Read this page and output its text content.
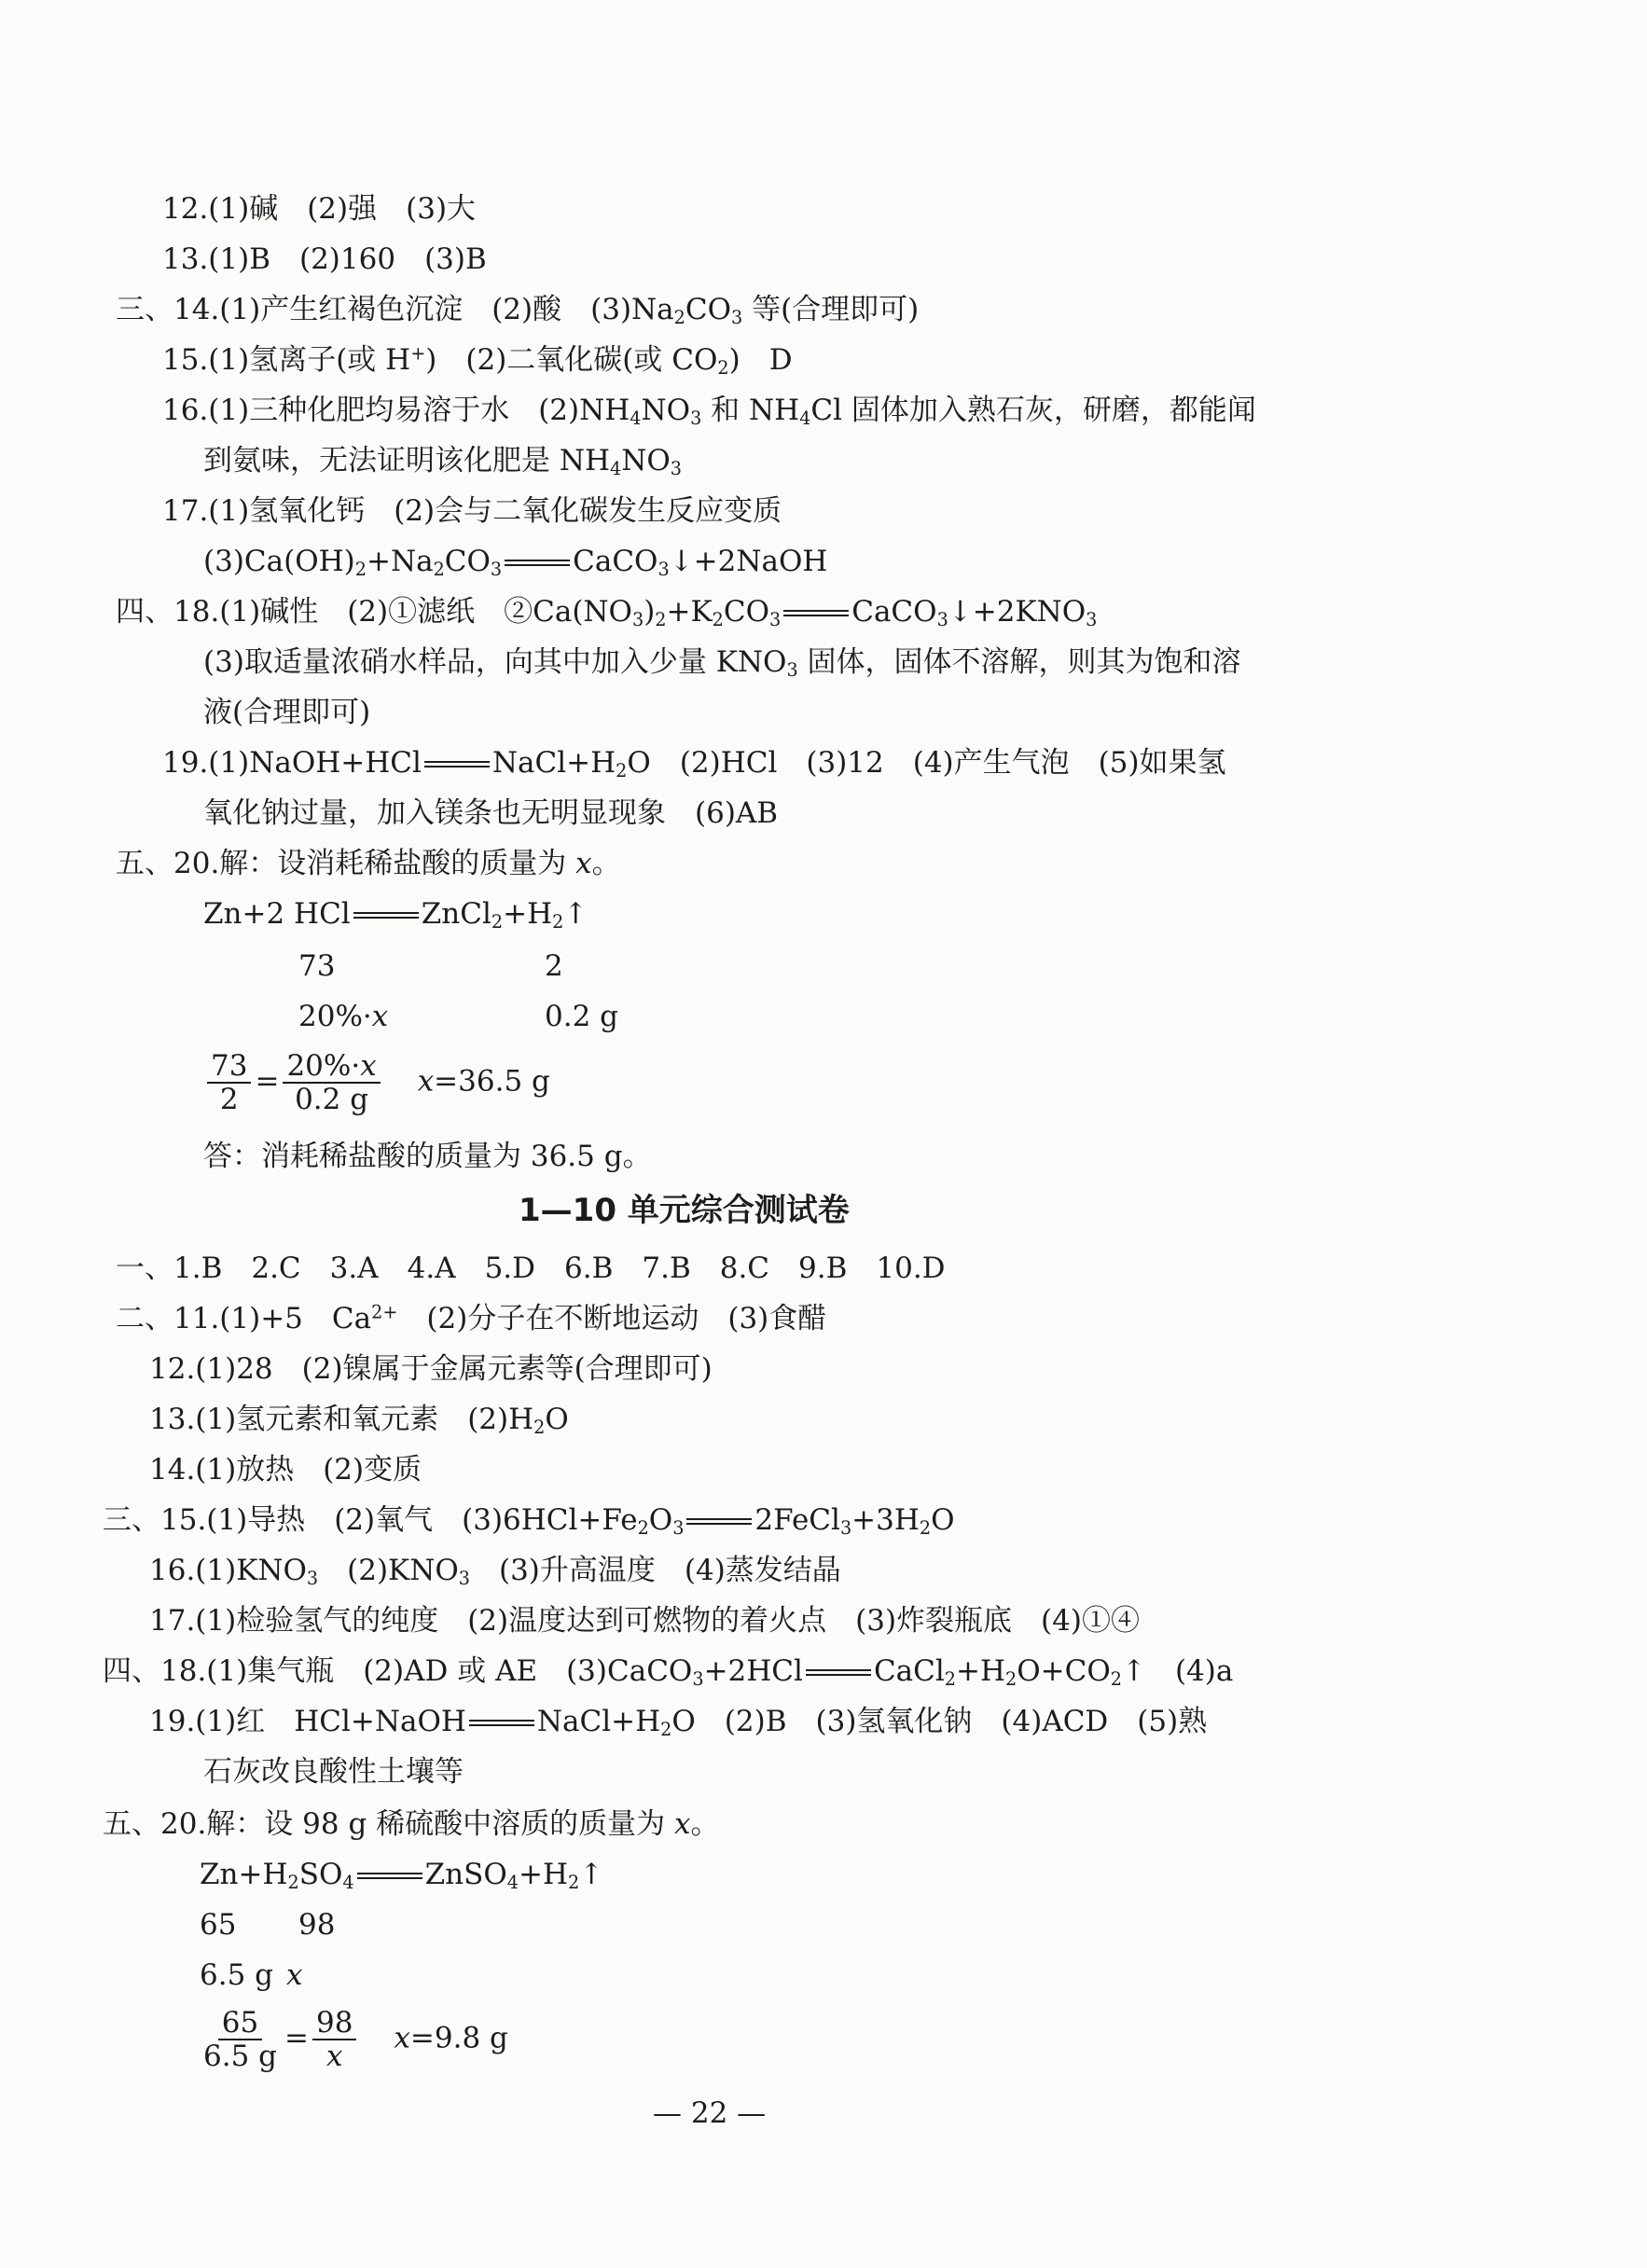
12.(1)碱　(2)强　(3)大
13.(1)B　(2)160　(3)B
三、14.(1)产生红褐色沉淀　(2)酸　$(3)Na_2CO_3$ 等(合理即可)
15.(1)氢离子(或 H+)　(2)二氧化碳(或 $CO_2$)　D
16.(1)三种化肥均易溶于水　$(2)NH_4NO_3$ 和 $NH_4Cl$ 固体加入熟石灰，研磨，都能闻
到氨味，无法证明该化肥是 $NH_4NO_3$
17.(1)氢氧化钙　(2)会与二氧化碳发生反应变质
$(3)Ca(OH)_2+Na_2CO_3$ CaCO$_3$↓+2NaOH
四、18.(1)碱性　(2)①滤纸　$②Ca(NO_3)_2+K_2CO_3$ $CaCO_3↓+2KNO_3$
(3)取适量浓硝水样品，向其中加入少量 $KNO_3$ 固体，固体不溶解，则其为饱和溶
液(合理即可)
19.(1)NaOH+HCl $NaCl+H_2O$　(2)HCl　(3)12　(4)产生气泡　(5)如果氢
氧化钠过量，加入镁条也无明显现象　(6)AB
五、20.解：设消耗稀盐酸的质量为 x。
Zn+2 HCl $ZnCl_2+H_2↑$
73	2
20%·x	0.2 g
$\frac{73}{2} = \frac{20\%\cdot x}{0.2 g} x=36.5$ g
答：消耗稀盐酸的质量为 36.5 g。
1—10 单元综合测试卷
一、1.B　2.C　3.A　4.A　5.D　6.B　7.B　8.C　9.B　10.D
二、11.(1)+5　$Ca^{2+}$　(2)分子在不断地运动　(3)食醋
12.(1)28　(2)镍属于金属元素等(合理即可)
13.(1)氢元素和氧元素　$(2)H_2O$
14.(1)放热　(2)变质
三、15.(1)导热　(2)氧气　$(3)6HCl+Fe_2O_3$ $2FeCl_3+3H_2O$
$16.(1)KNO_3$　$(2)KNO_3$　(3)升高温度　(4)蒸发结晶
17.(1)检验氢气的纯度　(2)温度达到可燃物的着火点　(3)炸裂瓶底　(4)①④
四、18.(1)集气瓶　(2)AD 或 AE　(3)CaCO$_3$+2HCl $CaCl_2+H_2O+CO_2↑$　(4)a
19.(1)红　HCl+NaOH $NaCl+H_2O$　(2)B　(3)氢氧化钠　(4)ACD　(5)熟
石灰改良酸性土壤等
五、20.解：设 98 g 稀硫酸中溶质的质量为 x。
$Zn+H_2SO_4$ $ZnSO_4+H_2↑$
65 98
6.5 g x
$\frac{65}{6.5 g} = \frac{98}{x} x=9.8$ g
— 22 —
